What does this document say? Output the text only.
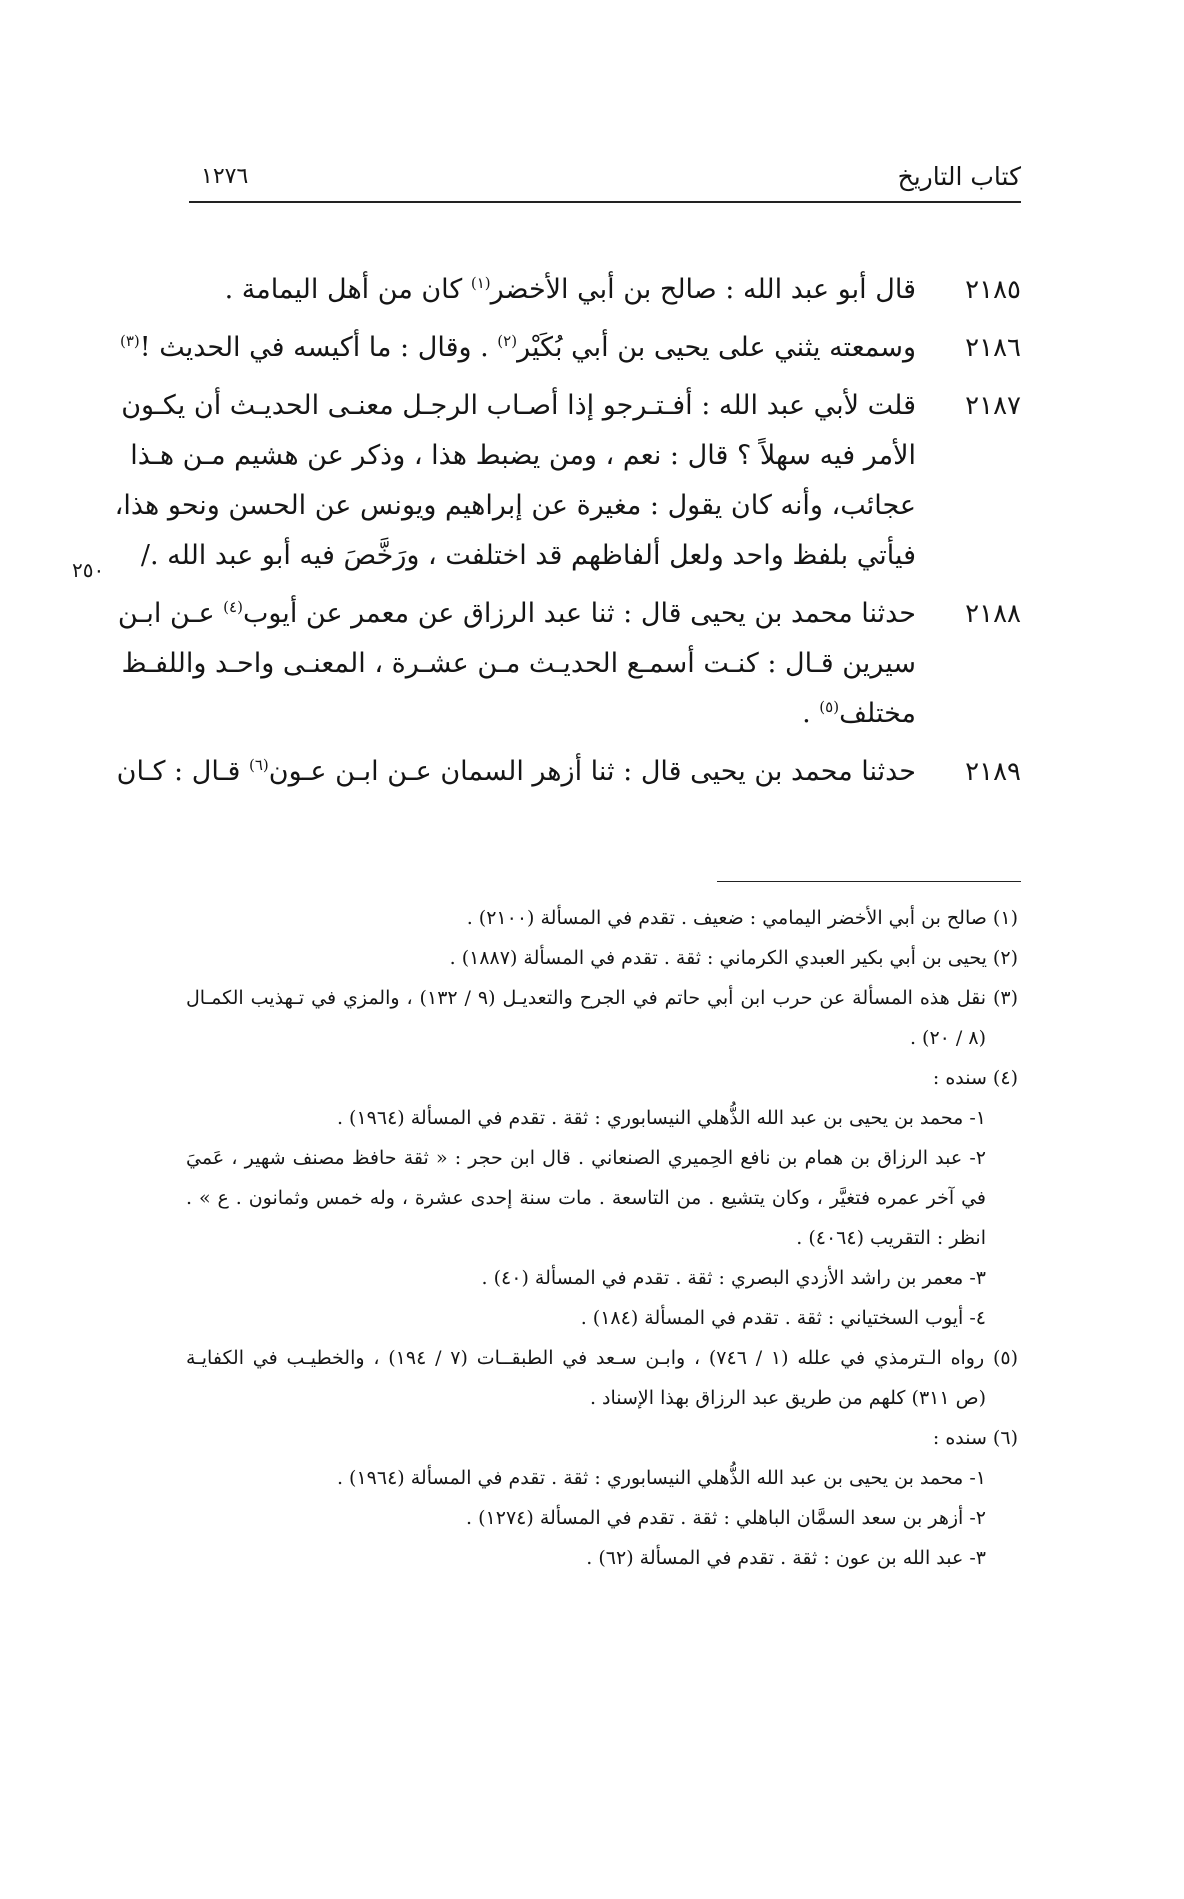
كتاب التاريخ
١٢٧٦
٢٥٠
٢١٨٥
قال أبو عبد الله : صالح بن أبي الأخضر$^{(١)}$ كان من أهل اليمامة .
٢١٨٦
وسمعته يثني على يحيى بن أبي بُكَيْر$^{(٢)}$ . وقال : ما أكيسه في الحديث !$^{(٣)}$
٢١٨٧
قلت لأبي عبد الله : أفـتـرجو إذا أصـاب الرجـل معنـى الحديـث أن يكـون
الأمر فيه سهلاً ؟ قال : نعم ، ومن يضبط هذا ، وذكر عن هشيم مـن هـذا
عجائب، وأنه كان يقول : مغيرة عن إبراهيم ويونس عن الحسن ونحو هذا،
فيأتي بلفظ واحد ولعل ألفاظهم قد اختلفت ، ورَخَّصَ فيه أبو عبد الله ./
٢١٨٨
حدثنا محمد بن يحيى قال : ثنا عبد الرزاق عن معمر عن أيوب$^{(٤)}$ عـن ابـن
سيرين قـال : كنـت أسمـع الحديـث مـن عشـرة ، المعنـى واحـد واللفـظ
مختلف$^{(٥)}$ .
٢١٨٩
حدثنا محمد بن يحيى قال : ثنا أزهر السمان عـن ابـن عـون$^{(٦)}$ قـال : كـان
(١) صالح بن أبي الأخضر اليمامي : ضعيف . تقدم في المسألة (٢١٠٠) .
(٢) يحيى بن أبي بكير العبدي الكرماني : ثقة . تقدم في المسألة (١٨٨٧) .
(٣) نقل هذه المسألة عن حرب ابن أبي حاتم في الجرح والتعديـل (٩ / ١٣٢) ، والمزي في تـهذيب الكمـال
(٨ / ٢٠) .
(٤) سنده :
١- محمد بن يحيى بن عبد الله الذُّهلي النيسابوري : ثقة . تقدم في المسألة (١٩٦٤) .
٢- عبد الرزاق بن همام بن نافع الحِميري الصنعاني . قال ابن حجر : « ثقة حافظ مصنف شهير ، عَميَ
في آخر عمره فتغيَّر ، وكان يتشيع . من التاسعة . مات سنة إحدى عشرة ، وله خمس وثمانون . ع » .
انظر : التقريب (٤٠٦٤) .
٣- معمر بن راشد الأزدي البصري : ثقة . تقدم في المسألة (٤٠) .
٤- أيوب السختياني : ثقة . تقدم في المسألة (١٨٤) .
(٥) رواه الـترمذي في علله (١ / ٧٤٦) ، وابـن سـعد في الطبقــات (٧ / ١٩٤) ، والخطيـب في الكفايـة
(ص ٣١١) كلهم من طريق عبد الرزاق بهذا الإسناد .
(٦) سنده :
١- محمد بن يحيى بن عبد الله الذُّهلي النيسابوري : ثقة . تقدم في المسألة (١٩٦٤) .
٢- أزهر بن سعد السمَّان الباهلي : ثقة . تقدم في المسألة (١٢٧٤) .
٣- عبد الله بن عون : ثقة . تقدم في المسألة (٦٢) .
